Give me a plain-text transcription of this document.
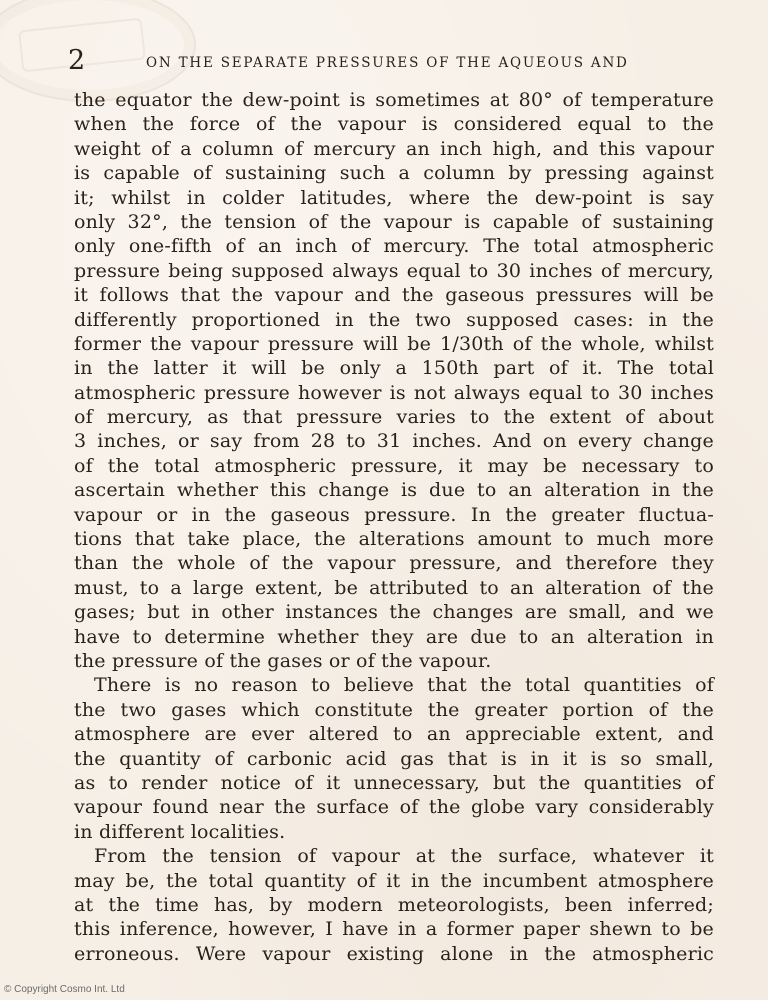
2	ON THE SEPARATE PRESSURES OF THE AQUEOUS AND
the equator the dew-point is sometimes at 80° of temperature
when the force of the vapour is considered equal to the
weight of a column of mercury an inch high, and this vapour
is capable of sustaining such a column by pressing against
it; whilst in colder latitudes, where the dew-point is say
only 32°, the tension of the vapour is capable of sustaining
only one-fifth of an inch of mercury. The total atmospheric
pressure being supposed always equal to 30 inches of mercury,
it follows that the vapour and the gaseous pressures will be
differently proportioned in the two supposed cases: in the
former the vapour pressure will be 1/30th of the whole, whilst
in the latter it will be only a 150th part of it. The total
atmospheric pressure however is not always equal to 30 inches
of mercury, as that pressure varies to the extent of about
3 inches, or say from 28 to 31 inches. And on every change
of the total atmospheric pressure, it may be necessary to
ascertain whether this change is due to an alteration in the
vapour or in the gaseous pressure. In the greater fluctua-
tions that take place, the alterations amount to much more
than the whole of the vapour pressure, and therefore they
must, to a large extent, be attributed to an alteration of the
gases; but in other instances the changes are small, and we
have to determine whether they are due to an alteration in
the pressure of the gases or of the vapour.
There is no reason to believe that the total quantities of
the two gases which constitute the greater portion of the
atmosphere are ever altered to an appreciable extent, and
the quantity of carbonic acid gas that is in it is so small,
as to render notice of it unnecessary, but the quantities of
vapour found near the surface of the globe vary considerably
in different localities.
From the tension of vapour at the surface, whatever it
may be, the total quantity of it in the incumbent atmosphere
at the time has, by modern meteorologists, been inferred;
this inference, however, I have in a former paper shewn to be
erroneous. Were vapour existing alone in the atmospheric
© Copyright Cosmo Int. Ltd
